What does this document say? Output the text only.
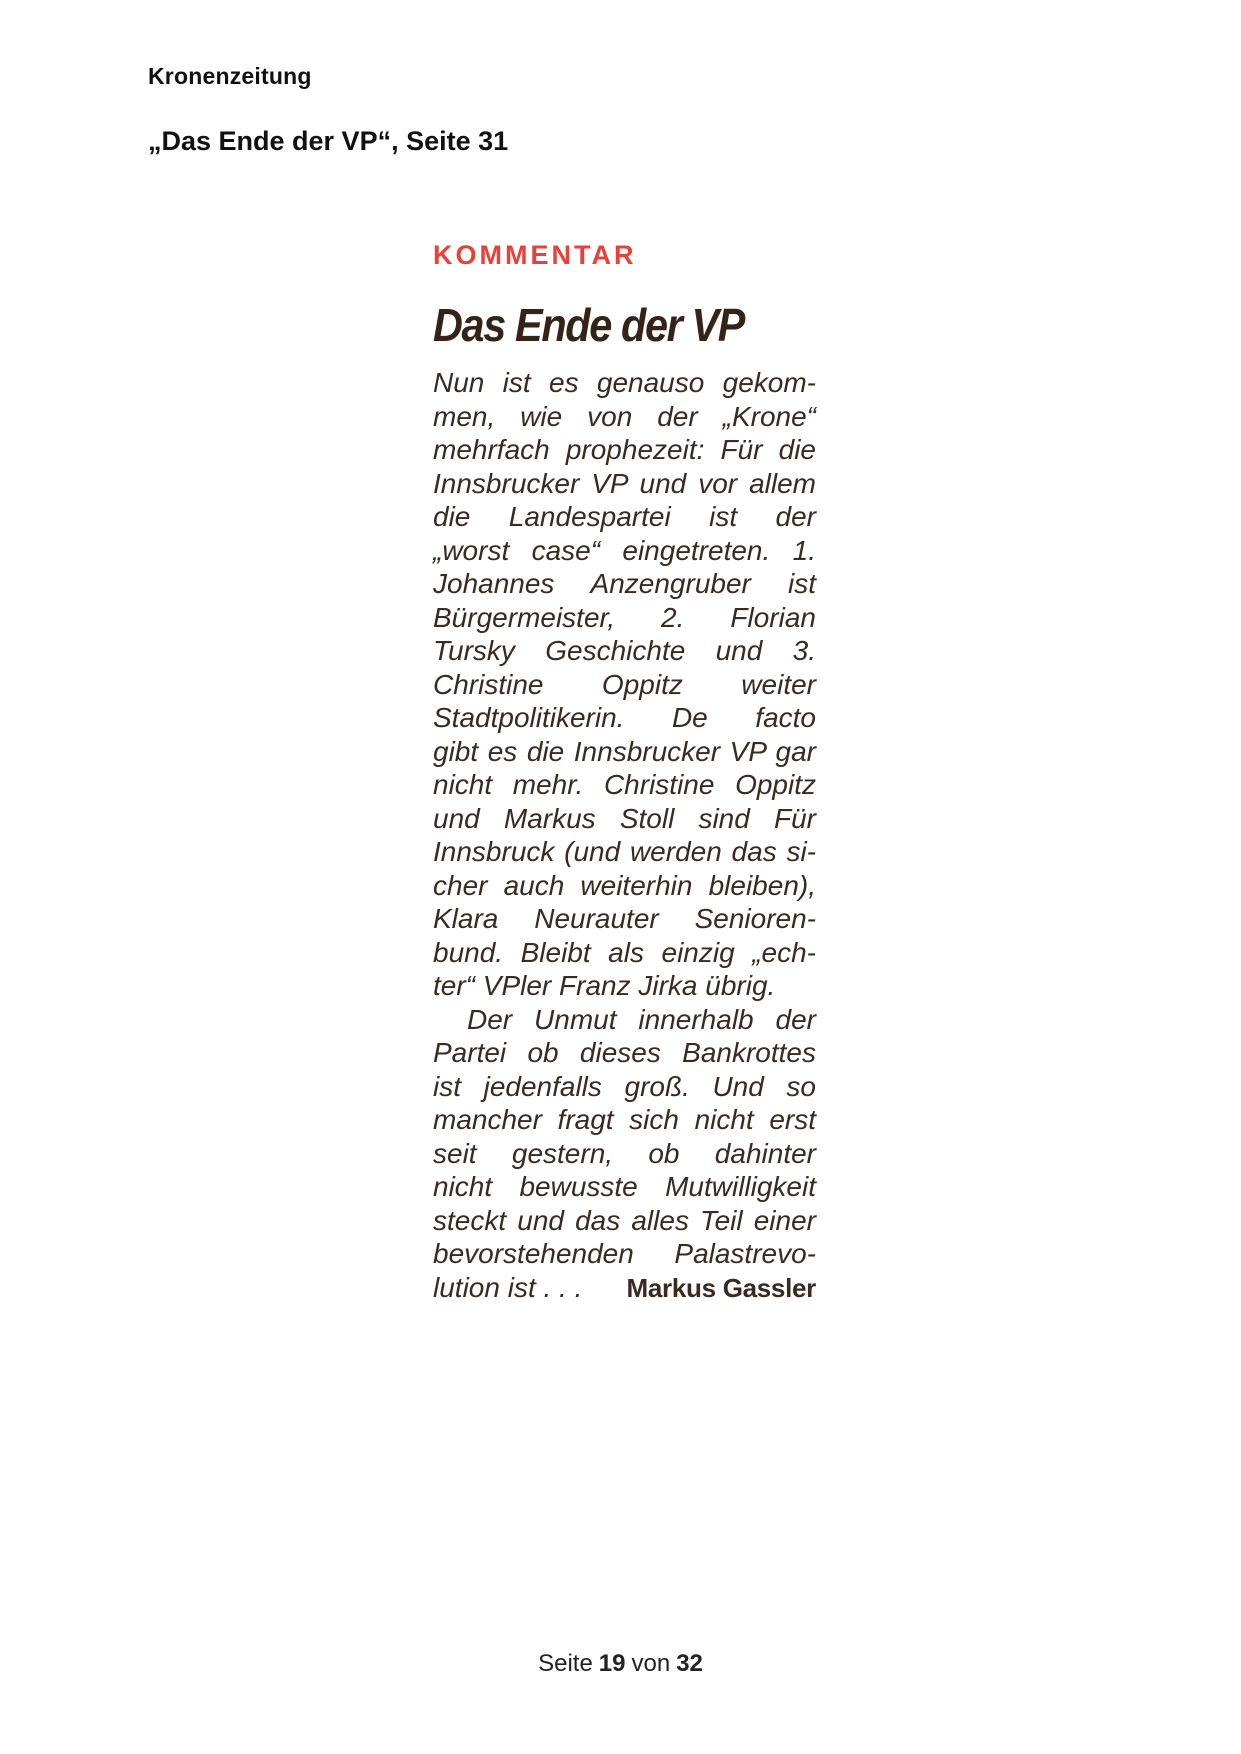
Kronenzeitung
„Das Ende der VP“, Seite 31
KOMMENTAR
Das Ende der VP
Nun ist es genauso gekom-
men, wie von der „Krone“
mehrfach prophezeit: Für die
Innsbrucker VP und vor allem
die Landespartei ist der
„worst case“ eingetreten. 1.
Johannes Anzengruber ist
Bürgermeister, 2. Florian
Tursky Geschichte und 3.
Christine Oppitz weiter
Stadtpolitikerin. De facto
gibt es die Innsbrucker VP gar
nicht mehr. Christine Oppitz
und Markus Stoll sind Für
Innsbruck (und werden das si-
cher auch weiterhin bleiben),
Klara Neurauter Senioren-
bund. Bleibt als einzig „ech-
ter“ VPler Franz Jirka übrig.
Der Unmut innerhalb der
Partei ob dieses Bankrottes
ist jedenfalls groß. Und so
mancher fragt sich nicht erst
seit gestern, ob dahinter
nicht bewusste Mutwilligkeit
steckt und das alles Teil einer
bevorstehenden Palastrevo-
lution ist . . . Markus Gassler
Seite 19 von 32
